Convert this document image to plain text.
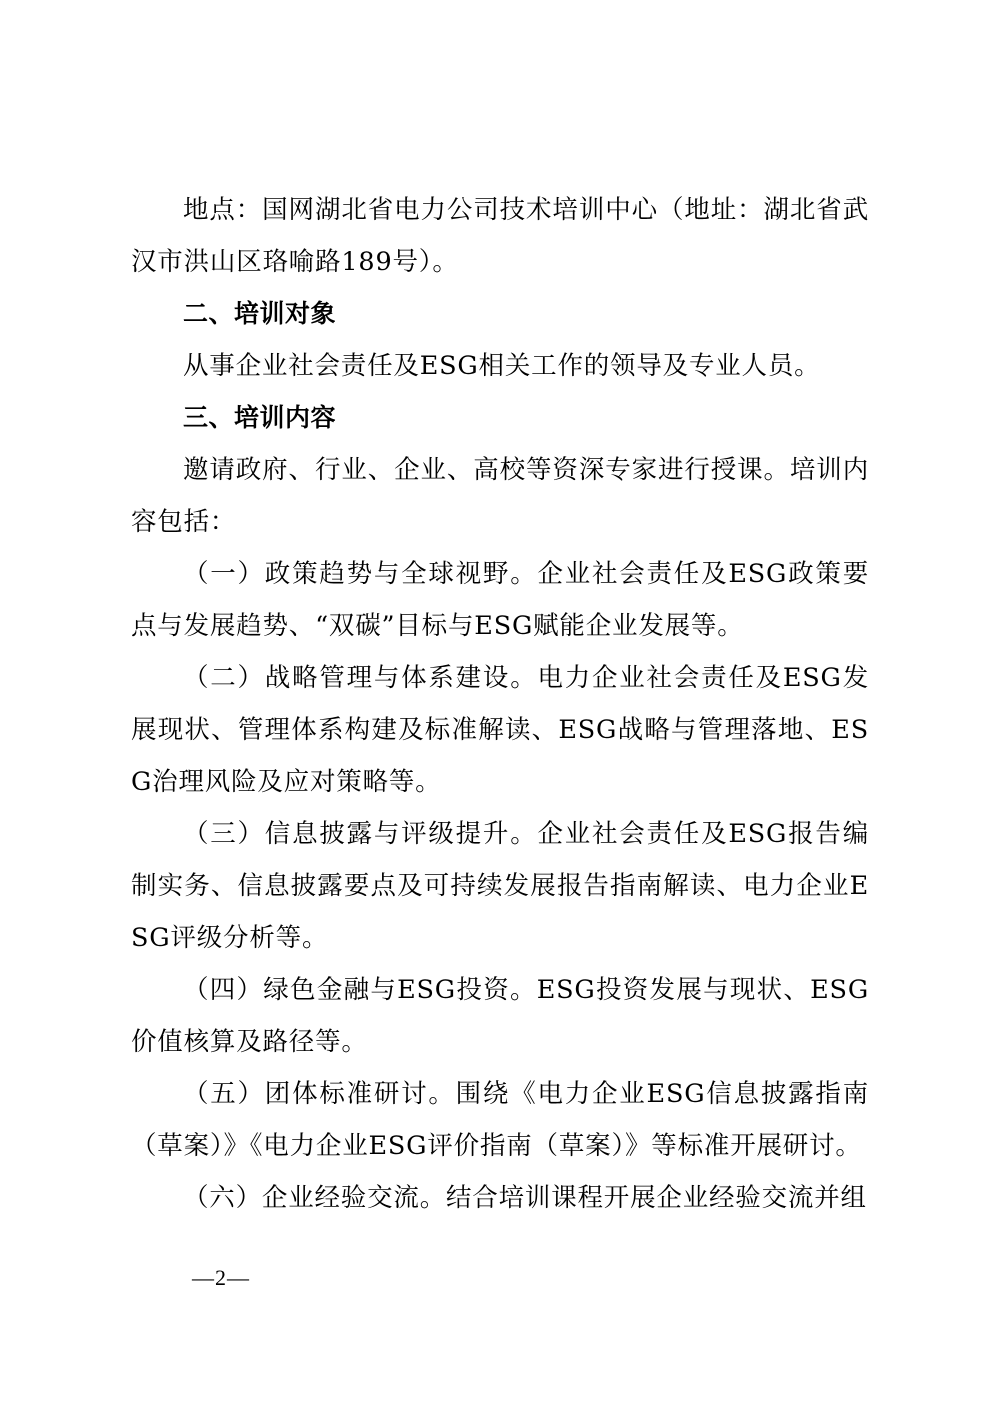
地点：国网湖北省电力公司技术培训中心（地址：湖北省武汉市洪山区珞喻路189号）。

二、培训对象

从事企业社会责任及ESG相关工作的领导及专业人员。

三、培训内容

邀请政府、行业、企业、高校等资深专家进行授课。培训内容包括：

（一）政策趋势与全球视野。企业社会责任及ESG政策要点与发展趋势、“双碳”目标与ESG赋能企业发展等。

（二）战略管理与体系建设。电力企业社会责任及ESG发展现状、管理体系构建及标准解读、ESG战略与管理落地、ESG治理风险及应对策略等。

（三）信息披露与评级提升。企业社会责任及ESG报告编制实务、信息披露要点及可持续发展报告指南解读、电力企业ESG评级分析等。

（四）绿色金融与ESG投资。ESG投资发展与现状、ESG价值核算及路径等。

（五）团体标准研讨。围绕《电力企业ESG信息披露指南（草案）》《电力企业ESG评价指南（草案）》等标准开展研讨。

（六）企业经验交流。结合培训课程开展企业经验交流并组

—2—
